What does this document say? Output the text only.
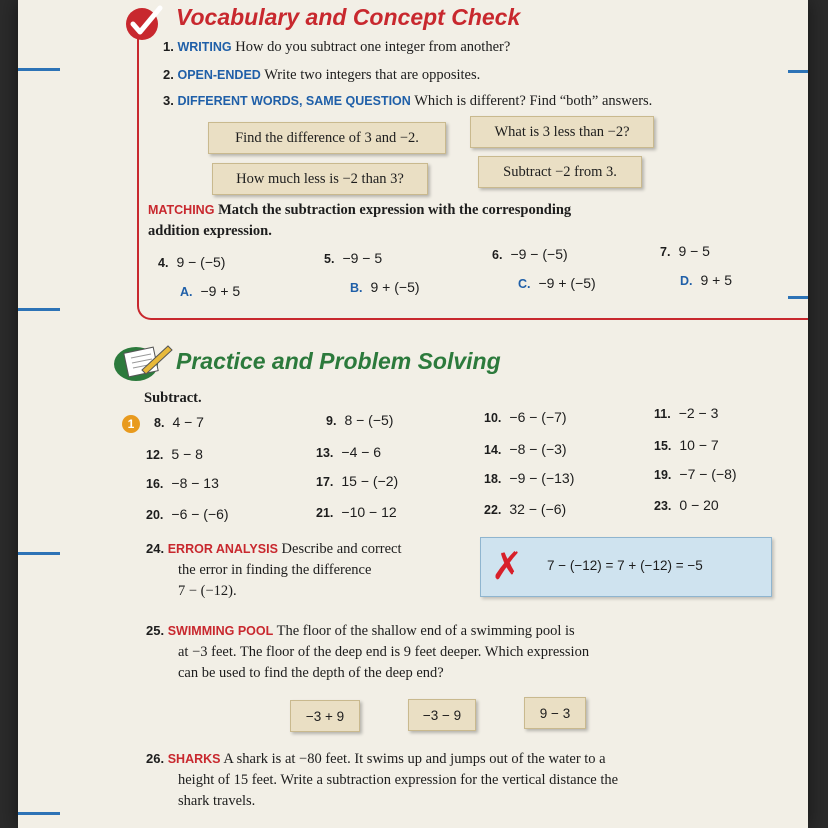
Vocabulary and Concept Check
1. WRITING How do you subtract one integer from another?
2. OPEN-ENDED Write two integers that are opposites.
3. DIFFERENT WORDS, SAME QUESTION Which is different? Find “both” answers.
Find the difference of 3 and −2.	What is 3 less than −2?
How much less is −2 than 3?	Subtract −2 from 3.
MATCHING Match the subtraction expression with the corresponding
addition expression.
4. 9 − (−5)	5. −9 − 5	6. −9 − (−5)	7. 9 − 5
A. −9 + 5	B. 9 + (−5)	C. −9 + (−5)	D. 9 + 5
Practice and Problem Solving
Subtract.
1 8. 4 − 7	9. 8 − (−5)	10. −6 − (−7)	11. −2 − 3
12. 5 − 8	13. −4 − 6	14. −8 − (−3)	15. 10 − 7
16. −8 − 13	17. 15 − (−2)	18. −9 − (−13)	19. −7 − (−8)
20. −6 − (−6)	21. −10 − 12	22. 32 − (−6)	23. 0 − 20
24. ERROR ANALYSIS Describe and correct
the error in finding the difference
7 − (−12).
✗ 7 − (−12) = 7 + (−12) = −5
25. SWIMMING POOL The floor of the shallow end of a swimming pool is
at −3 feet. The floor of the deep end is 9 feet deeper. Which expression
can be used to find the depth of the deep end?
−3 + 9	−3 − 9	9 − 3
26. SHARKS A shark is at −80 feet. It swims up and jumps out of the water to a
height of 15 feet. Write a subtraction expression for the vertical distance the
shark travels.
